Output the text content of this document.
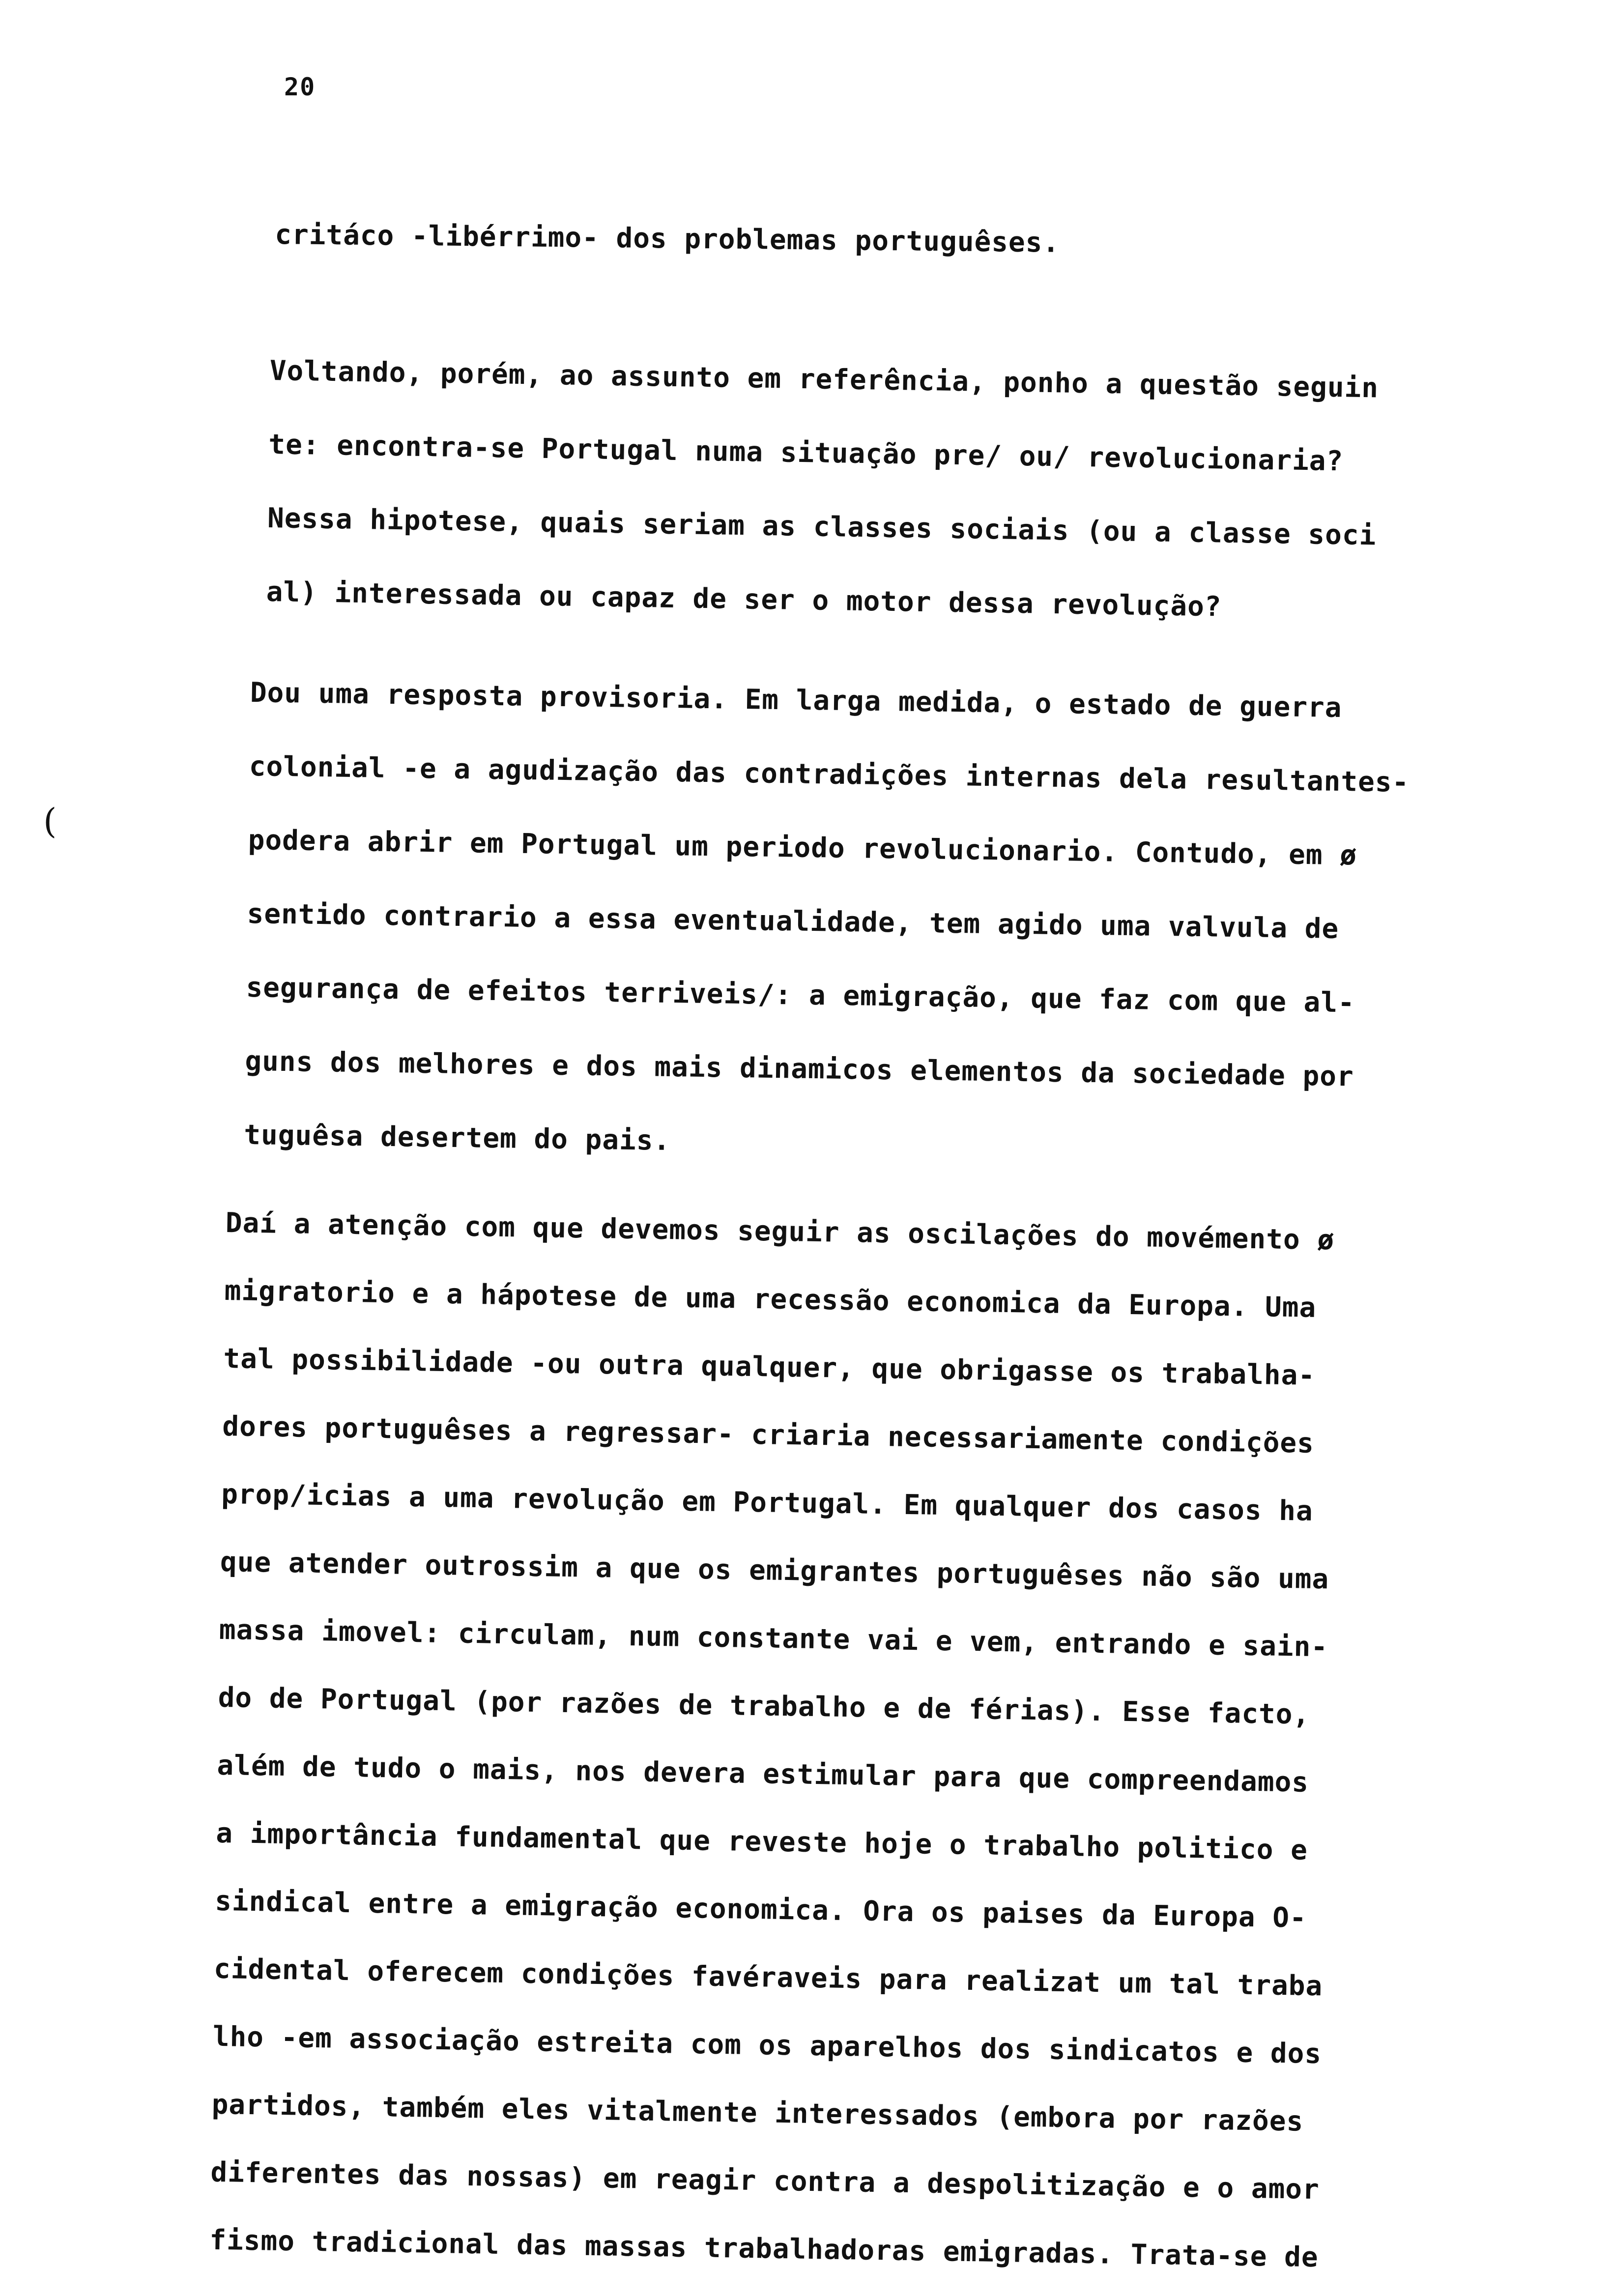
20
(
critáco -libérrimo- dos problemas portuguêses.
Voltando, porém, ao assunto em referência, ponho a questão seguin
te: encontra-se Portugal numa situação pre/ ou/ revolucionaria?
Nessa hipotese, quais seriam as classes sociais (ou a classe soci
al) interessada ou capaz de ser o motor dessa revolução?
Dou uma resposta provisoria. Em larga medida, o estado de guerra
colonial -e a agudização das contradições internas dela resultantes-
podera abrir em Portugal um periodo revolucionario. Contudo, em ø
sentido contrario a essa eventualidade, tem agido uma valvula de
segurança de efeitos terriveis/: a emigração, que faz com que al-
guns dos melhores e dos mais dinamicos elementos da sociedade por
tuguêsa desertem do pais.
Daí a atenção com que devemos seguir as oscilações do movémento ø
migratorio e a hápotese de uma recessão economica da Europa. Uma
tal possibilidade -ou outra qualquer, que obrigasse os trabalha-
dores portuguêses a regressar- criaria necessariamente condições
prop/icias a uma revolução em Portugal. Em qualquer dos casos ha
que atender outrossim a que os emigrantes portuguêses não são uma
massa imovel: circulam, num constante vai e vem, entrando e sain-
do de Portugal (por razões de trabalho e de férias). Esse facto,
além de tudo o mais, nos devera estimular para que compreendamos
a importância fundamental que reveste hoje o trabalho politico e
sindical entre a emigração economica. Ora os paises da Europa O-
cidental oferecem condições favéraveis para realizat um tal traba
lho -em associação estreita com os aparelhos dos sindicatos e dos
partidos, também eles vitalmente interessados (embora por razões
diferentes das nossas) em reagir contra a despolitização e o amor
fismo tradicional das massas trabalhadoras emigradas. Trata-se de
